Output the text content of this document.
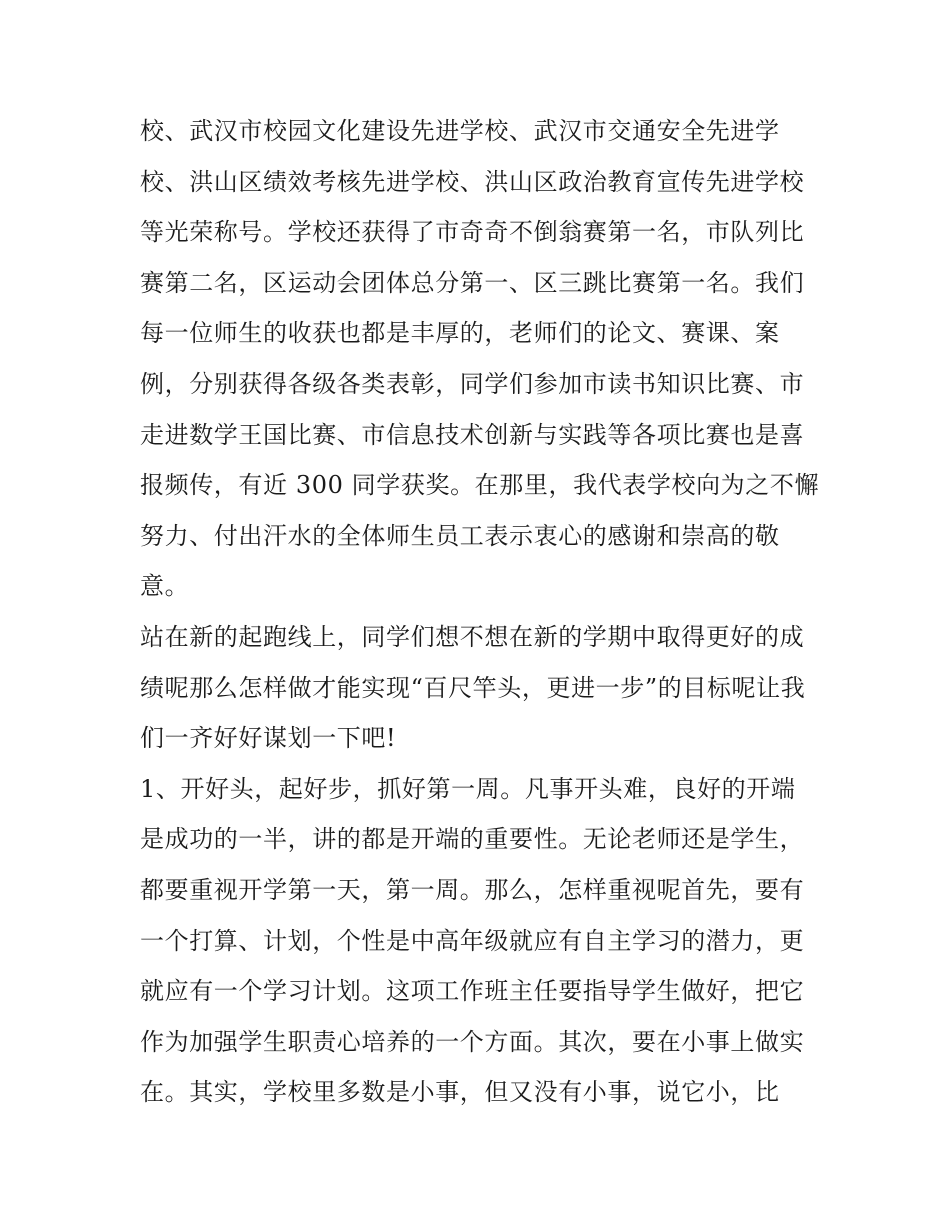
校、武汉市校园文化建设先进学校、武汉市交通安全先进学
校、洪山区绩效考核先进学校、洪山区政治教育宣传先进学校
等光荣称号。学校还获得了市奇奇不倒翁赛第一名，市队列比
赛第二名，区运动会团体总分第一、区三跳比赛第一名。我们
每一位师生的收获也都是丰厚的，老师们的论文、赛课、案
例，分别获得各级各类表彰，同学们参加市读书知识比赛、市
走进数学王国比赛、市信息技术创新与实践等各项比赛也是喜
报频传，有近 300 同学获奖。在那里，我代表学校向为之不懈
努力、付出汗水的全体师生员工表示衷心的感谢和崇高的敬
意。
站在新的起跑线上，同学们想不想在新的学期中取得更好的成
绩呢那么怎样做才能实现“百尺竿头，更进一步”的目标呢让我
们一齐好好谋划一下吧!
1、开好头，起好步，抓好第一周。凡事开头难，良好的开端
是成功的一半，讲的都是开端的重要性。无论老师还是学生，
都要重视开学第一天，第一周。那么，怎样重视呢首先，要有
一个打算、计划，个性是中高年级就应有自主学习的潜力，更
就应有一个学习计划。这项工作班主任要指导学生做好，把它
作为加强学生职责心培养的一个方面。其次，要在小事上做实
在。其实，学校里多数是小事，但又没有小事，说它小，比
